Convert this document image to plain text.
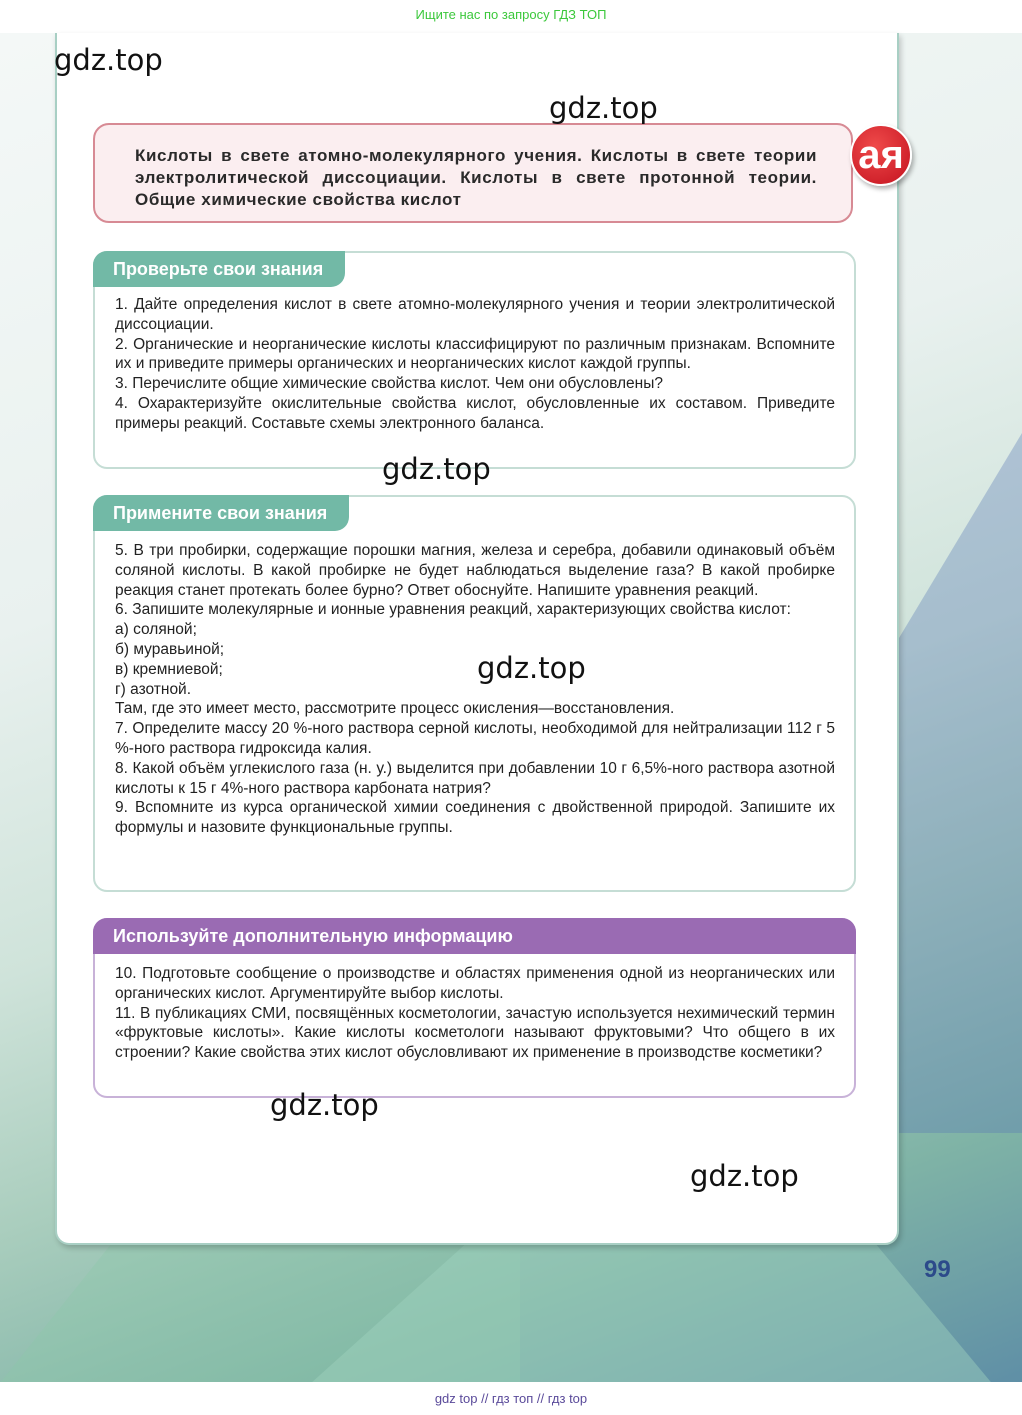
Ищите нас по запросу ГДЗ ТОП
99
Кислоты в свете атомно-молекулярного учения. Кислоты в свете теории электролитической диссоциации. Кислоты в свете протонной теории. Общие химические свойства кислот
ая
Проверьте свои знания

1. Дайте определения кислот в свете атомно-молекулярного учения и теории электролитической диссоциации.

2. Органические и неорганические кислоты классифицируют по различным признакам. Вспомните их и приведите примеры органических и неорганических кислот каждой группы.

3. Перечислите общие химические свойства кислот. Чем они обусловлены?

4. Охарактеризуйте окислительные свойства кислот, обусловленные их составом. Приведите примеры реакций. Составьте схемы электронного баланса.

Примените свои знания

5. В три пробирки, содержащие порошки магния, железа и серебра, добавили одинаковый объём соляной кислоты. В какой пробирке не будет наблюдаться выделение газа? В какой пробирке реакция станет протекать более бурно? Ответ обоснуйте. Напишите уравнения реакций.

6. Запишите молекулярные и ионные уравнения реакций, характеризующих свойства кислот:

а) соляной;

б) муравьиной;

в) кремниевой;

г) азотной.

Там, где это имеет место, рассмотрите процесс окисления—восстановления.

7. Определите массу 20 %-ного раствора серной кислоты, необходимой для нейтрализации 112 г 5 %-ного раствора гидроксида калия.

8. Какой объём углекислого газа (н. у.) выделится при добавлении 10 г 6,5%-ного раствора азотной кислоты к 15 г 4%-ного раствора карбоната натрия?

9. Вспомните из курса органической химии соединения с двойственной природой. Запишите их формулы и назовите функциональные группы.

Используйте дополнительную информацию

10. Подготовьте сообщение о производстве и областях применения одной из неорганических или органических кислот. Аргументируйте выбор кислоты.

11. В публикациях СМИ, посвящённых косметологии, зачастую используется нехимический термин «фруктовые кислоты». Какие кислоты косметологи называют фруктовыми? Что общего в их строении? Какие свойства этих кислот обусловливают их применение в производстве косметики?

gdz.top
gdz.top
gdz.top
gdz.top
gdz.top
gdz.top
gdz top // гдз топ // гдз top
